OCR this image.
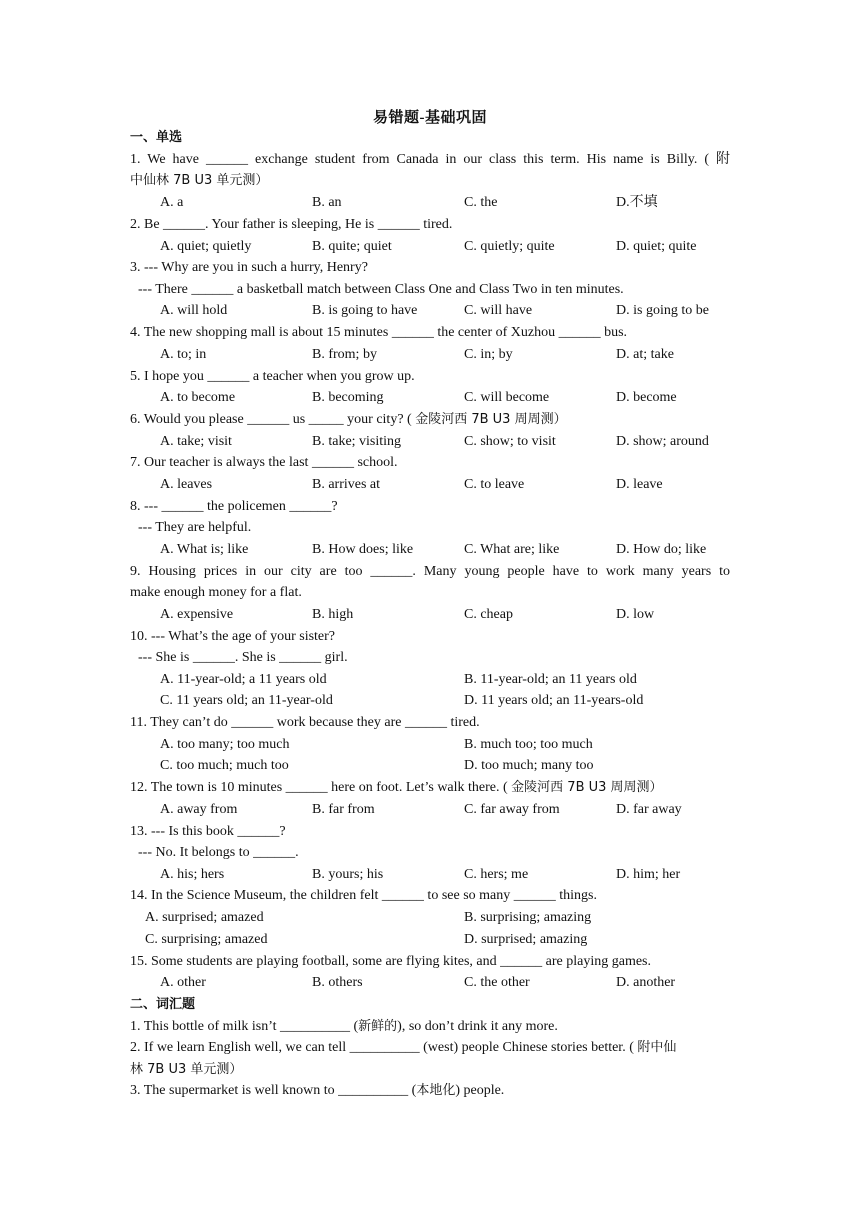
易错题-基础巩固
一、单选
1. We have ______ exchange student from Canada in our class this term. His name is Billy. ( 附
中仙林 7B U3 单元测）
A. a	B. an	C. the	D.不填
2. Be ______. Your father is sleeping, He is ______ tired.
A. quiet; quietly	B. quite; quiet	C. quietly; quite	D. quiet; quite
3. --- Why are you in such a hurry, Henry?
--- There ______ a basketball match between Class One and Class Two in ten minutes.
A. will hold	B. is going to have	C. will have	D. is going to be
4. The new shopping mall is about 15 minutes ______ the center of Xuzhou ______ bus.
A. to; in	B. from; by	C. in; by	D. at; take
5. I hope you ______ a teacher when you grow up.
A. to become	B. becoming	C. will become	D. become
6. Would you please ______ us _____ your city? ( 金陵河西 7B U3 周周测）
A. take; visit	B. take; visiting	C. show; to visit	D. show; around
7. Our teacher is always the last ______ school.
A. leaves	B. arrives at	C. to leave	D. leave
8. --- ______ the policemen ______?
--- They are helpful.
A. What is; like	B. How does; like	C. What are; like	D. How do; like
9. Housing prices in our city are too ______. Many young people have to work many years to
make enough money for a flat.
A. expensive	B. high	C. cheap	D. low
10. --- What’s the age of your sister?
--- She is ______. She is ______ girl.
A. 11-year-old; a 11 years old	B. 11-year-old; an 11 years old
C. 11 years old; an 11-year-old	D. 11 years old; an 11-years-old
11. They can’t do ______ work because they are ______ tired.
A. too many; too much	B. much too; too much
C. too much; much too	D. too much; many too
12. The town is 10 minutes ______ here on foot. Let’s walk there. ( 金陵河西 7B U3 周周测）
A. away from	B. far from	C. far away from	D. far away
13. --- Is this book ______?
--- No. It belongs to ______.
A. his; hers	B. yours; his	C. hers; me	D. him; her
14. In the Science Museum, the children felt ______ to see so many ______ things.
A. surprised; amazed	B. surprising; amazing
C. surprising; amazed	D. surprised; amazing
15. Some students are playing football, some are flying kites, and ______ are playing games.
A. other	B. others	C. the other	D. another
二、词汇题
1. This bottle of milk isn’t __________ (新鲜的), so don’t drink it any more.
2. If we learn English well, we can tell __________ (west) people Chinese stories better. ( 附中仙
林 7B U3 单元测）
3. The supermarket is well known to __________ (本地化) people.
